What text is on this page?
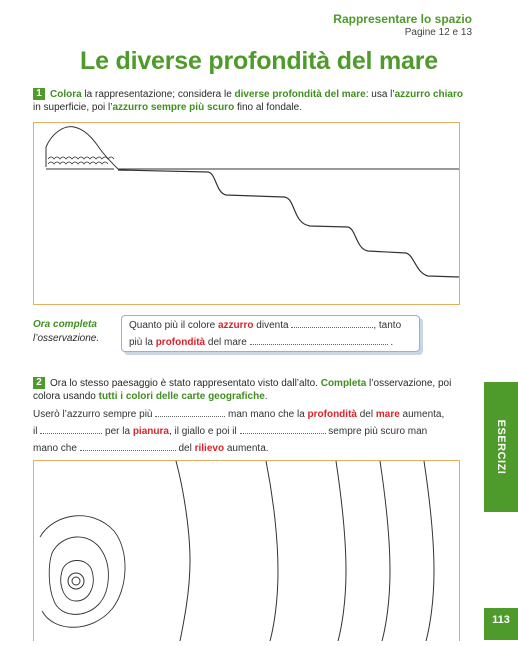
Rappresentare lo spazio
Pagine 12 e 13
Le diverse profondità del mare
1 Colora la rappresentazione; considera le diverse profondità del mare: usa l’azzurro chiaro in superficie, poi l’azzurro sempre più scuro fino al fondale.
Ora completa
l’osservazione.
Quanto più il colore azzurro diventa	, tanto
più la profondità del mare	.
2 Ora lo stesso paesaggio è stato rappresentato visto dall’alto. Completa l’osservazione, poi colora usando tutti i colori delle carte geografiche.
Userò l’azzurro sempre più	man mano che la profondità del mare aumenta,
il	per la pianura, il giallo e poi il	sempre più scuro man
mano che	del rilievo aumenta.	ESERCIZI
113
